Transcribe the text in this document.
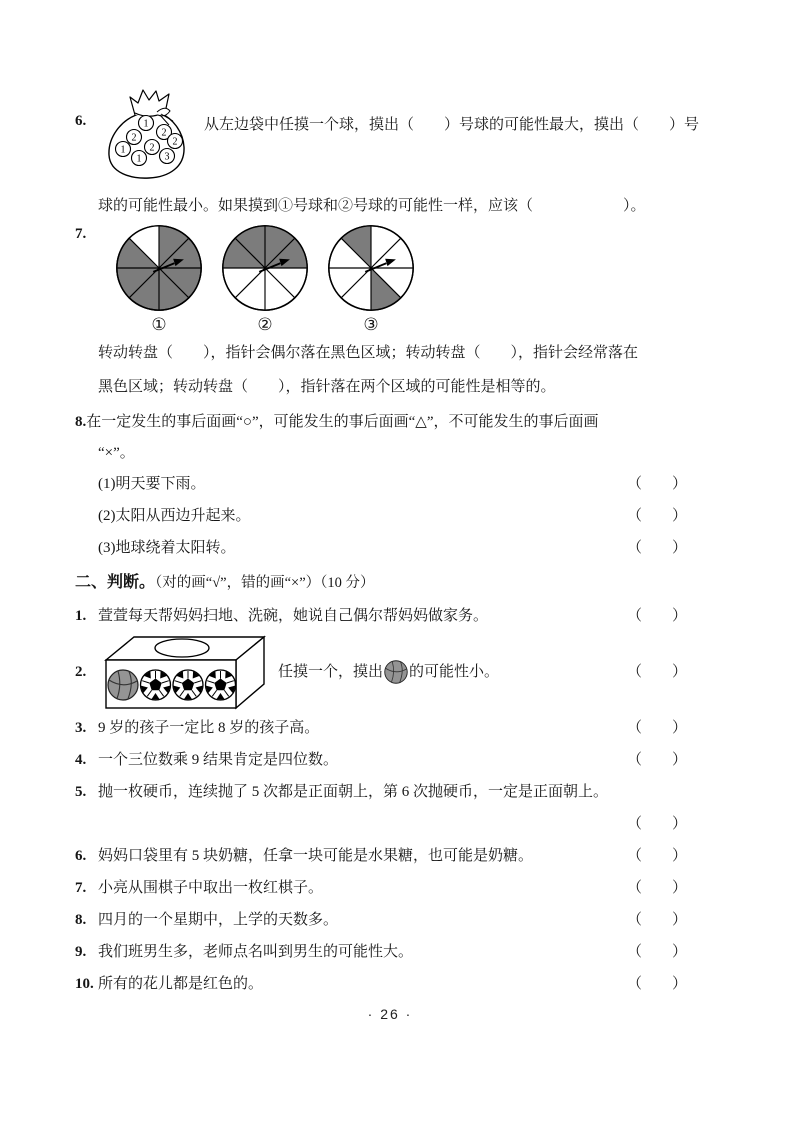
6.	1
2
2	2
2
1
1 3
从左边袋中任摸一个球，摸出（　　）号球的可能性最大，摸出（　　）号
球的可能性最小。如果摸到①号球和②号球的可能性一样，应该（　　　　　　）。
7.
①	②	③
转动转盘（　　），指针会偶尔落在黑色区域；转动转盘（　　），指针会经常落在
黑色区域；转动转盘（　　），指针落在两个区域的可能性是相等的。
8. 在一定发生的事后面画“○”，可能发生的事后面画“△”，不可能发生的事后面画
“×”。
(1)明天要下雨。	（　　）
(2)太阳从西边升起来。	（　　）
(3)地球绕着太阳转。	（　　）
二、判断。（对的画“√”，错的画“×”）（10 分）
1. 萱萱每天帮妈妈扫地、洗碗，她说自己偶尔帮妈妈做家务。	（　　）
2.	任摸一个，摸出 的可能性小。	（　　）
3. 9 岁的孩子一定比 8 岁的孩子高。	（　　）
4. 一个三位数乘 9 结果肯定是四位数。	（　　）
5. 抛一枚硬币，连续抛了 5 次都是正面朝上，第 6 次抛硬币，一定是正面朝上。
（　　）
6. 妈妈口袋里有 5 块奶糖，任拿一块可能是水果糖，也可能是奶糖。	（　　）
7. 小亮从围棋子中取出一枚红棋子。	（　　）
8. 四月的一个星期中，上学的天数多。	（　　）
9. 我们班男生多，老师点名叫到男生的可能性大。	（　　）
10. 所有的花儿都是红色的。	（　　）
· 26 ·
